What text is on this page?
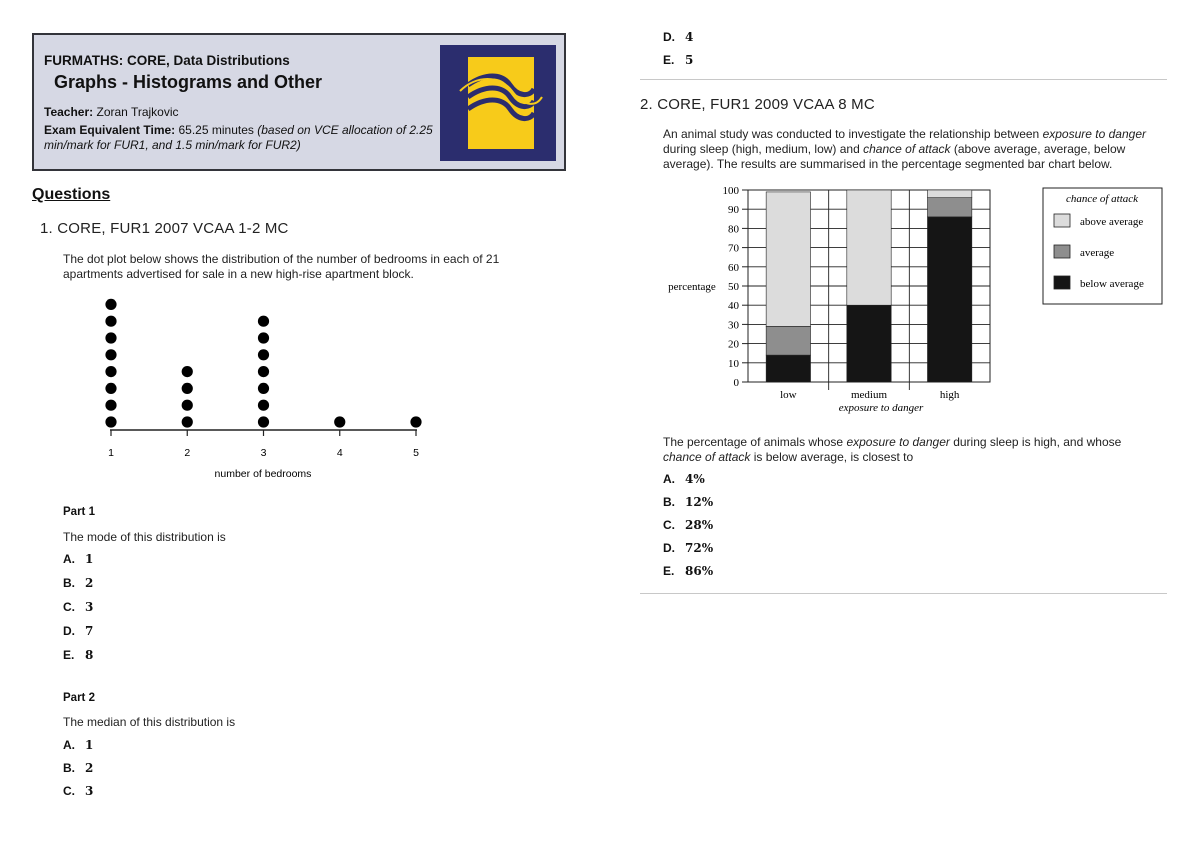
FURMATHS: CORE, Data Distributions
Graphs - Histograms and Other
Teacher: Zoran Trajkovic
Exam Equivalent Time: 65.25 minutes (based on VCE allocation of 2.25 min/mark for FUR1, and 1.5 min/mark for FUR2)
Questions
1. CORE, FUR1 2007 VCAA 1-2 MC
The dot plot below shows the distribution of the number of bedrooms in each of 21 apartments advertised for sale in a new high-rise apartment block.
1	2	3	4	5
number of bedrooms
Part 1
The mode of this distribution is
A. 1
B. 2
C. 3
D. 7
E. 8
Part 2
The median of this distribution is
A. 1
B. 2
C. 3
D. 4
E. 5
2. CORE, FUR1 2009 VCAA 8 MC
An animal study was conducted to investigate the relationship between exposure to danger during sleep (high, medium, low) and chance of attack (above average, average, below average). The results are summarised in the percentage segmented bar chart below.
0
10
20
30
40
50
60
70
80
90
100
low	medium	high
percentage
exposure to danger
chance of attack
above average
average
below average
The percentage of animals whose exposure to danger during sleep is high, and whose chance of attack is below average, is closest to
A. 4%
B. 12%
C. 28%
D. 72%
E. 86%
